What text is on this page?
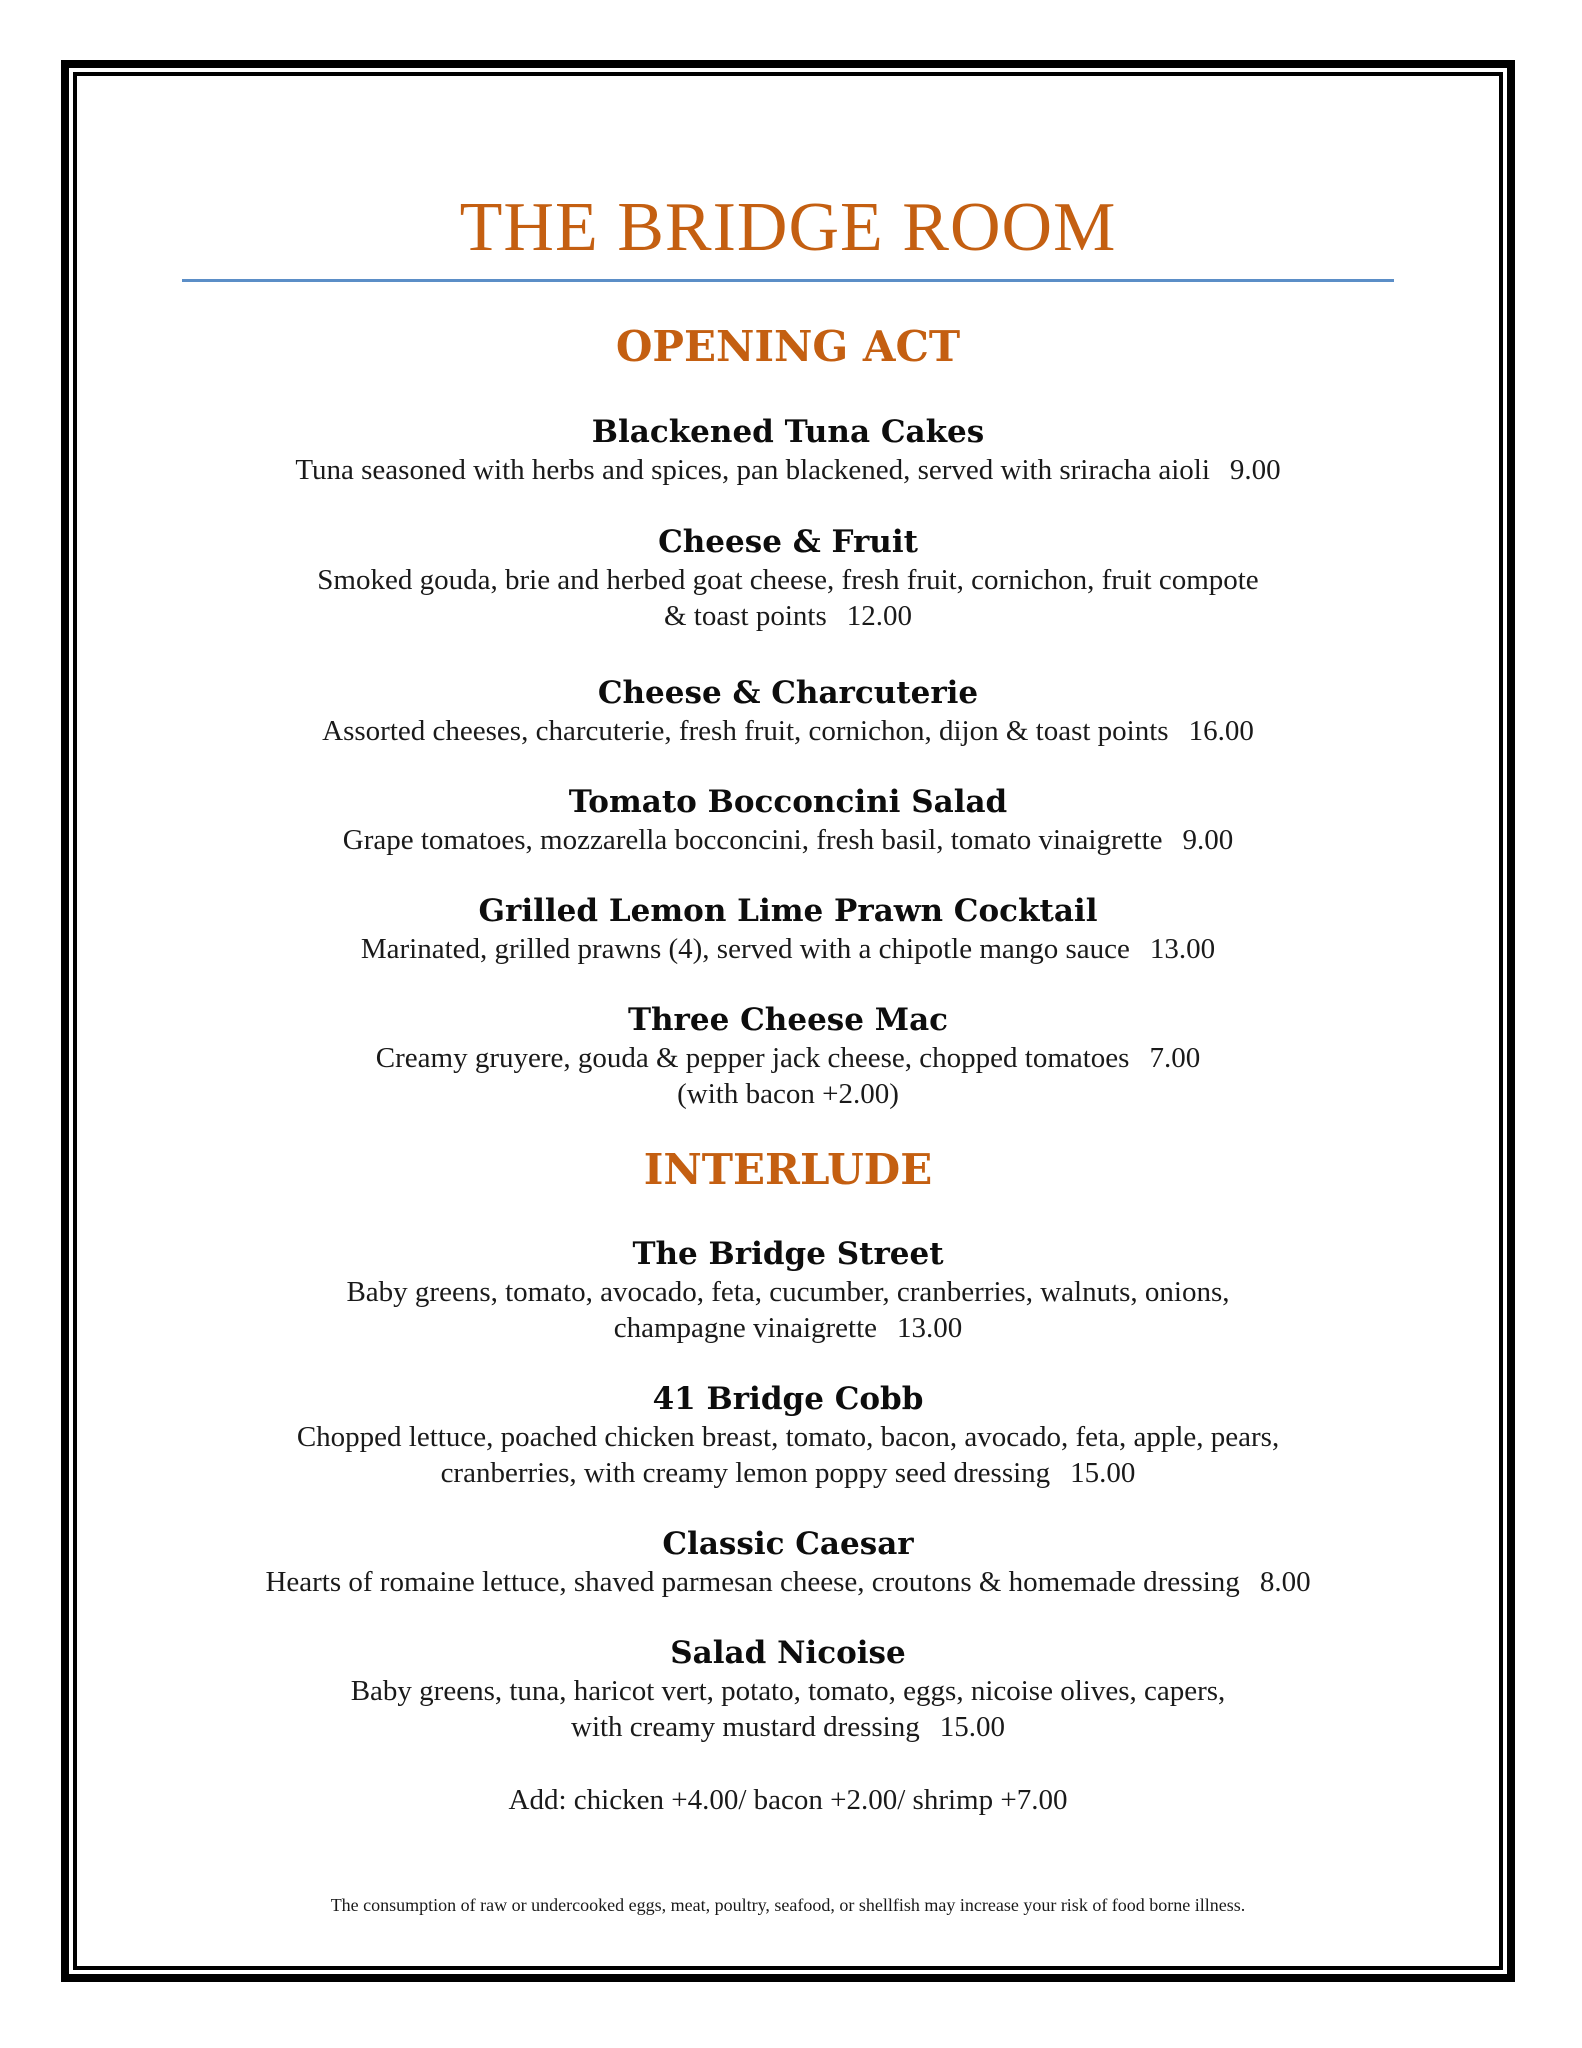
THE BRIDGE ROOM
OPENING ACT
Blackened Tuna Cakes
Tuna seasoned with herbs and spices, pan blackened, served with sriracha aioli 9.00
Cheese & Fruit
Smoked gouda, brie and herbed goat cheese, fresh fruit, cornichon, fruit compote
& toast points 12.00
Cheese & Charcuterie
Assorted cheeses, charcuterie, fresh fruit, cornichon, dijon & toast points 16.00
Tomato Bocconcini Salad
Grape tomatoes, mozzarella bocconcini, fresh basil, tomato vinaigrette 9.00
Grilled Lemon Lime Prawn Cocktail
Marinated, grilled prawns (4), served with a chipotle mango sauce 13.00
Three Cheese Mac
Creamy gruyere, gouda & pepper jack cheese, chopped tomatoes 7.00
(with bacon +2.00)
INTERLUDE
The Bridge Street
Baby greens, tomato, avocado, feta, cucumber, cranberries, walnuts, onions,
champagne vinaigrette 13.00
41 Bridge Cobb
Chopped lettuce, poached chicken breast, tomato, bacon, avocado, feta, apple, pears,
cranberries, with creamy lemon poppy seed dressing 15.00
Classic Caesar
Hearts of romaine lettuce, shaved parmesan cheese, croutons & homemade dressing 8.00
Salad Nicoise
Baby greens, tuna, haricot vert, potato, tomato, eggs, nicoise olives, capers,
with creamy mustard dressing 15.00
Add: chicken +4.00/ bacon +2.00/ shrimp +7.00
The consumption of raw or undercooked eggs, meat, poultry, seafood, or shellfish may increase your risk of food borne illness.
